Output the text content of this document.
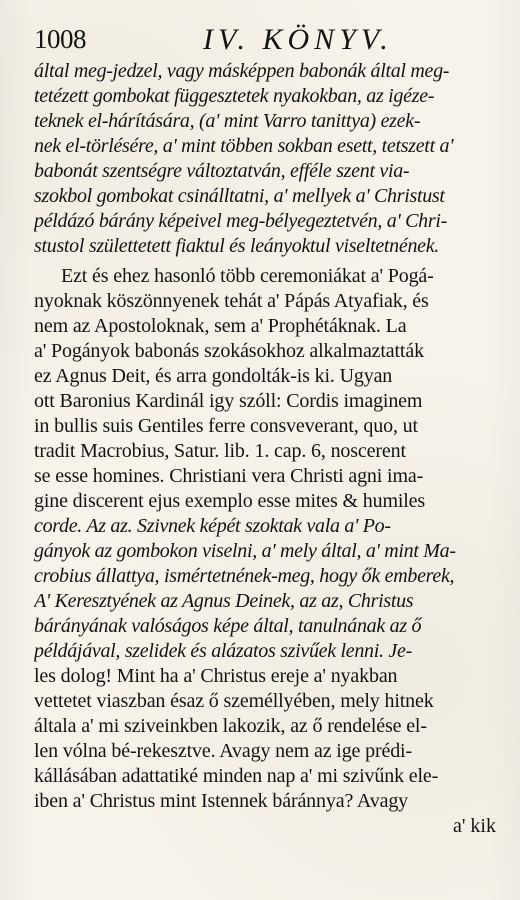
1008	IV. KÖNYV.
által meg-jedzel, vagy másképpen babonák által meg-
tetézett gombokat függesztetek nyakokban, az igéze-
teknek el-hárítására, (a' mint Varro tanittya) ezek-
nek el-törlésére, a' mint többen sokban esett, tetszett a'
babonát szentségre változtatván, efféle szent via-
szokbol gombokat csinálltatni, a' mellyek a' Christust
példázó bárány képeivel meg-bélyegeztetvén, a' Chri-
stustol születtetett fiaktul és leányoktul viseltetnének.
Ezt és ehez hasonló több ceremoniákat a' Pogá-
nyoknak köszönnyenek tehát a' Pápás Atyafiak, és
nem az Apostoloknak, sem a' Prophétáknak. La
a' Pogányok babonás szokásokhoz alkalmaztatták
ez Agnus Deit, és arra gondolták-is ki. Ugyan
ott Baronius Kardinál igy szóll: Cordis imaginem
in bullis suis Gentiles ferre consveverant, quo, ut
tradit Macrobius, Satur. lib. 1. cap. 6, noscerent
se esse homines. Christiani vera Christi agni ima-
gine discerent ejus exemplo esse mites & humiles
corde. Az az. Szivnek képét szoktak vala a' Po-
gányok az gombokon viselni, a' mely által, a' mint Ma-
crobius állattya, ismértetnének-meg, hogy ők emberek,
A' Keresztyének az Agnus Deinek, az az, Christus
bárányának valóságos képe által, tanulnának az ő
példájával, szelidek és alázatos szivűek lenni. Je-
les dolog! Mint ha a' Christus ereje a' nyakban
vettetet viaszban ésaz ő személlyében, mely hitnek
általa a' mi sziveinkben lakozik, az ő rendelése el-
len vólna bé-rekesztve. Avagy nem az ige prédi-
kállásában adattatiké minden nap a' mi szivűnk ele-
iben a' Christus mint Istennek báránnya? Avagy
a' kik
